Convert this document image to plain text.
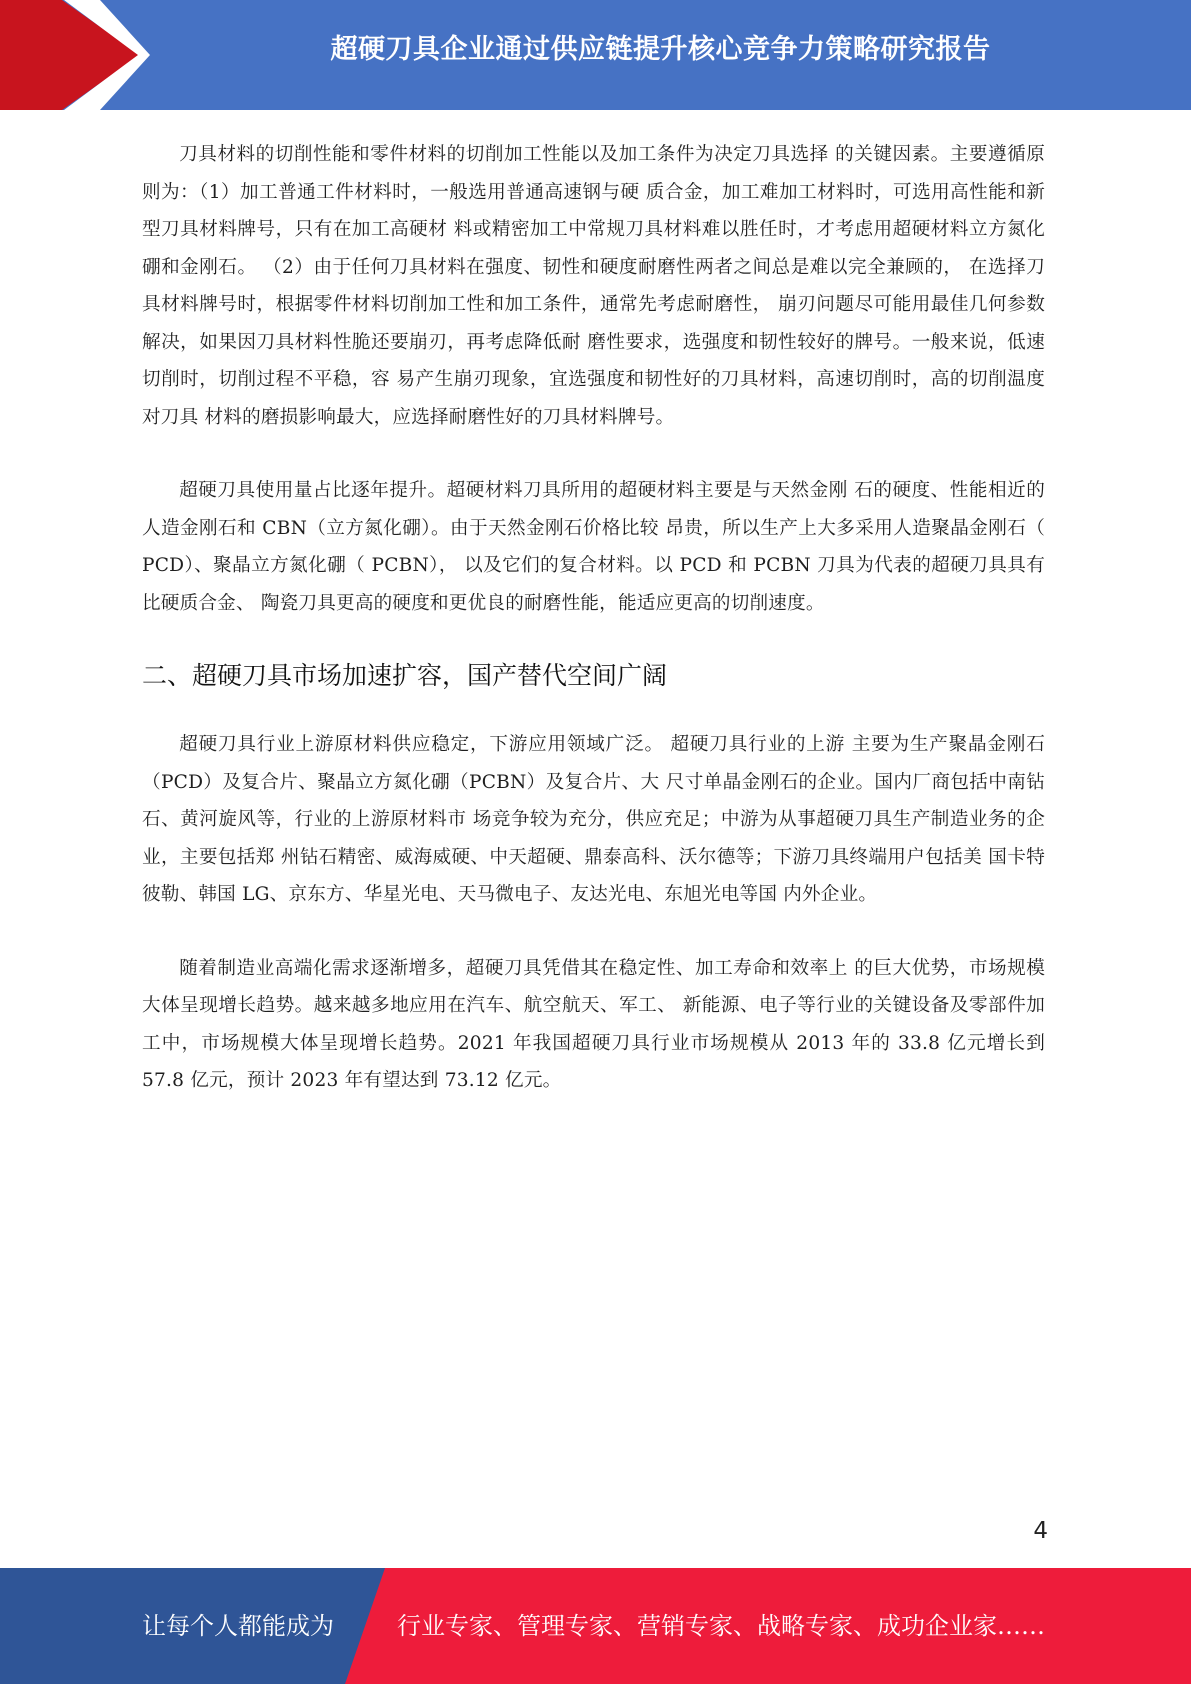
超硬刀具企业通过供应链提升核心竞争力策略研究报告

刀具材料的切削性能和零件材料的切削加工性能以及加工条件为决定刀具选择 的关键因素。主要遵循原则为：（1）加工普通工件材料时，一般选用普通高速钢与硬 质合金，加工难加工材料时，可选用高性能和新型刀具材料牌号，只有在加工高硬材 料或精密加工中常规刀具材料难以胜任时，才考虑用超硬材料立方氮化硼和金刚石。 （2）由于任何刀具材料在强度、韧性和硬度耐磨性两者之间总是难以完全兼顾的， 在选择刀具材料牌号时，根据零件材料切削加工性和加工条件，通常先考虑耐磨性， 崩刃问题尽可能用最佳几何参数解决，如果因刀具材料性脆还要崩刃，再考虑降低耐 磨性要求，选强度和韧性较好的牌号。一般来说，低速切削时，切削过程不平稳，容 易产生崩刃现象，宜选强度和韧性好的刀具材料，高速切削时，高的切削温度对刀具 材料的磨损影响最大，应选择耐磨性好的刀具材料牌号。

超硬刀具使用量占比逐年提升。超硬材料刀具所用的超硬材料主要是与天然金刚 石的硬度、性能相近的人造金刚石和 CBN（立方氮化硼）。由于天然金刚石价格比较 昂贵，所以生产上大多采用人造聚晶金刚石（ PCD）、聚晶立方氮化硼（ PCBN）， 以及它们的复合材料。以 PCD 和 PCBN 刀具为代表的超硬刀具具有比硬质合金、 陶瓷刀具更高的硬度和更优良的耐磨性能，能适应更高的切削速度。

二、超硬刀具市场加速扩容，国产替代空间广阔

超硬刀具行业上游原材料供应稳定，下游应用领域广泛。 超硬刀具行业的上游 主要为生产聚晶金刚石（PCD）及复合片、聚晶立方氮化硼（PCBN）及复合片、大 尺寸单晶金刚石的企业。国内厂商包括中南钻石、黄河旋风等，行业的上游原材料市 场竞争较为充分，供应充足；中游为从事超硬刀具生产制造业务的企业，主要包括郑 州钻石精密、威海威硬、中天超硬、鼎泰高科、沃尔德等；下游刀具终端用户包括美 国卡特彼勒、韩国 LG、京东方、华星光电、天马微电子、友达光电、东旭光电等国 内外企业。

随着制造业高端化需求逐渐增多，超硬刀具凭借其在稳定性、加工寿命和效率上 的巨大优势，市场规模大体呈现增长趋势。越来越多地应用在汽车、航空航天、军工、 新能源、电子等行业的关键设备及零部件加工中，市场规模大体呈现增长趋势。2021 年我国超硬刀具行业市场规模从 2013 年的 33.8 亿元增长到 57.8 亿元，预计 2023 年有望达到 73.12 亿元。

4
让每个人都能成为	行业专家、管理专家、营销专家、战略专家、成功企业家……
